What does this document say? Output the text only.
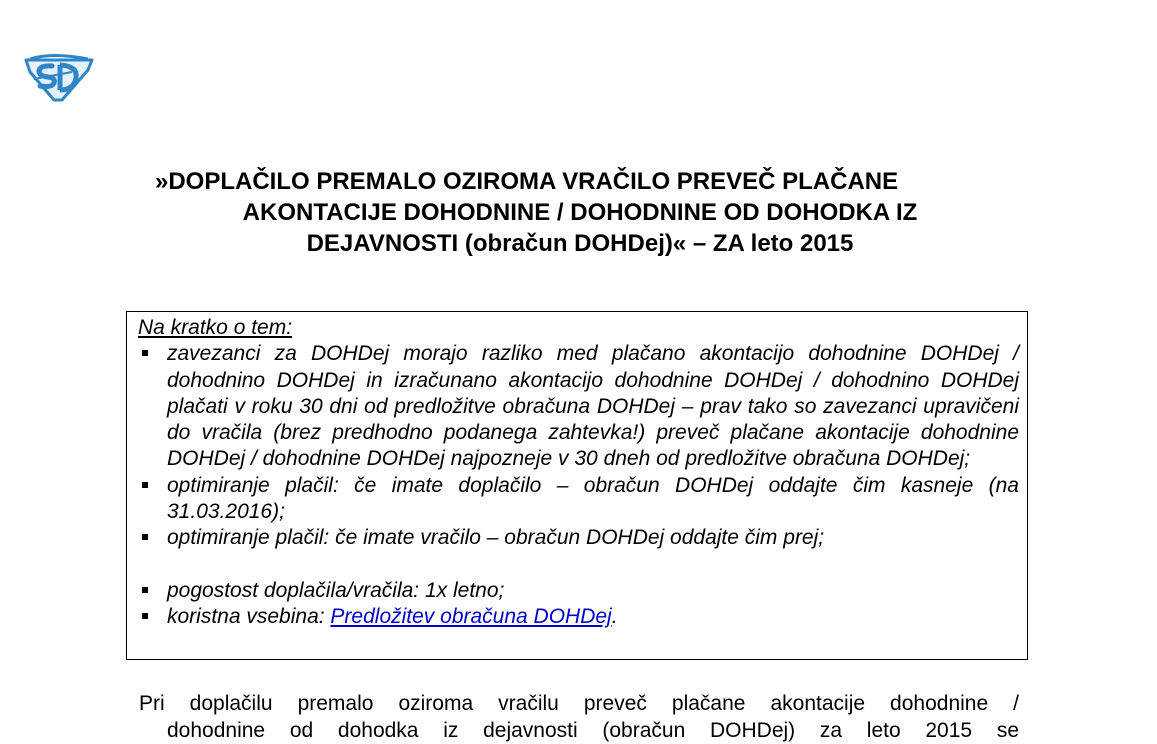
»DOPLAČILO PREMALO OZIROMA VRAČILO PREVEČ PLAČANE
AKONTACIJE DOHODNINE / DOHODNINE OD DOHODKA IZ
DEJAVNOSTI (obračun DOHDej)« – ZA leto 2015
Na kratko o tem:
zavezanci za DOHDej morajo razliko med plačano akontacijo dohodnine DOHDej / dohodnino DOHDej in izračunano akontacijo dohodnine DOHDej / dohodnino DOHDej plačati v roku 30 dni od predložitve obračuna DOHDej – prav tako so zavezanci upravičeni do vračila (brez predhodno podanega zahtevka!) preveč plačane akontacije dohodnine DOHDej / dohodnine DOHDej najpozneje v 30 dneh od predložitve obračuna DOHDej;
optimiranje plačil: če imate doplačilo – obračun DOHDej oddajte čim kasneje (na 31.03.2016);
optimiranje plačil: če imate vračilo – obračun DOHDej oddajte čim prej;
pogostost doplačila/vračila: 1x letno;
koristna vsebina: Predložitev obračuna DOHDej.
Pri doplačilu premalo oziroma vračilu preveč plačane akontacije dohodnine /
dohodnine od dohodka iz dejavnosti (obračun DOHDej) za leto 2015 se
